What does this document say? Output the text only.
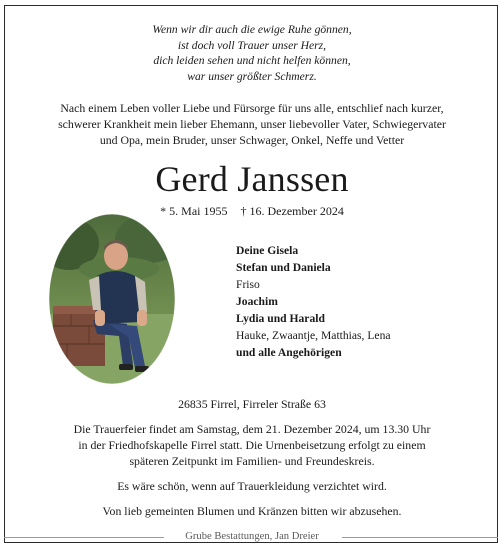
Wenn wir dir auch die ewige Ruhe gönnen,
ist doch voll Trauer unser Herz,
dich leiden sehen und nicht helfen können,
war unser größter Schmerz.
Nach einem Leben voller Liebe und Fürsorge für uns alle, entschlief nach kurzer,
schwerer Krankheit mein lieber Ehemann, unser liebevoller Vater, Schwiegervater
und Opa, mein Bruder, unser Schwager, Onkel, Neffe und Vetter
Gerd Janssen
* 5. Mai 1955 † 16. Dezember 2024
Deine Gisela
Stefan und Daniela
Friso
Joachim
Lydia und Harald
Hauke, Zwaantje, Matthias, Lena
und alle Angehörigen
26835 Firrel, Firreler Straße 63
Die Trauerfeier findet am Samstag, dem 21. Dezember 2024, um 13.30 Uhr
in der Friedhofskapelle Firrel statt. Die Urnenbeisetzung erfolgt zu einem
späteren Zeitpunkt im Familien- und Freundeskreis.
Es wäre schön, wenn auf Trauerkleidung verzichtet wird.
Von lieb gemeinten Blumen und Kränzen bitten wir abzusehen.
Grube Bestattungen, Jan Dreier
